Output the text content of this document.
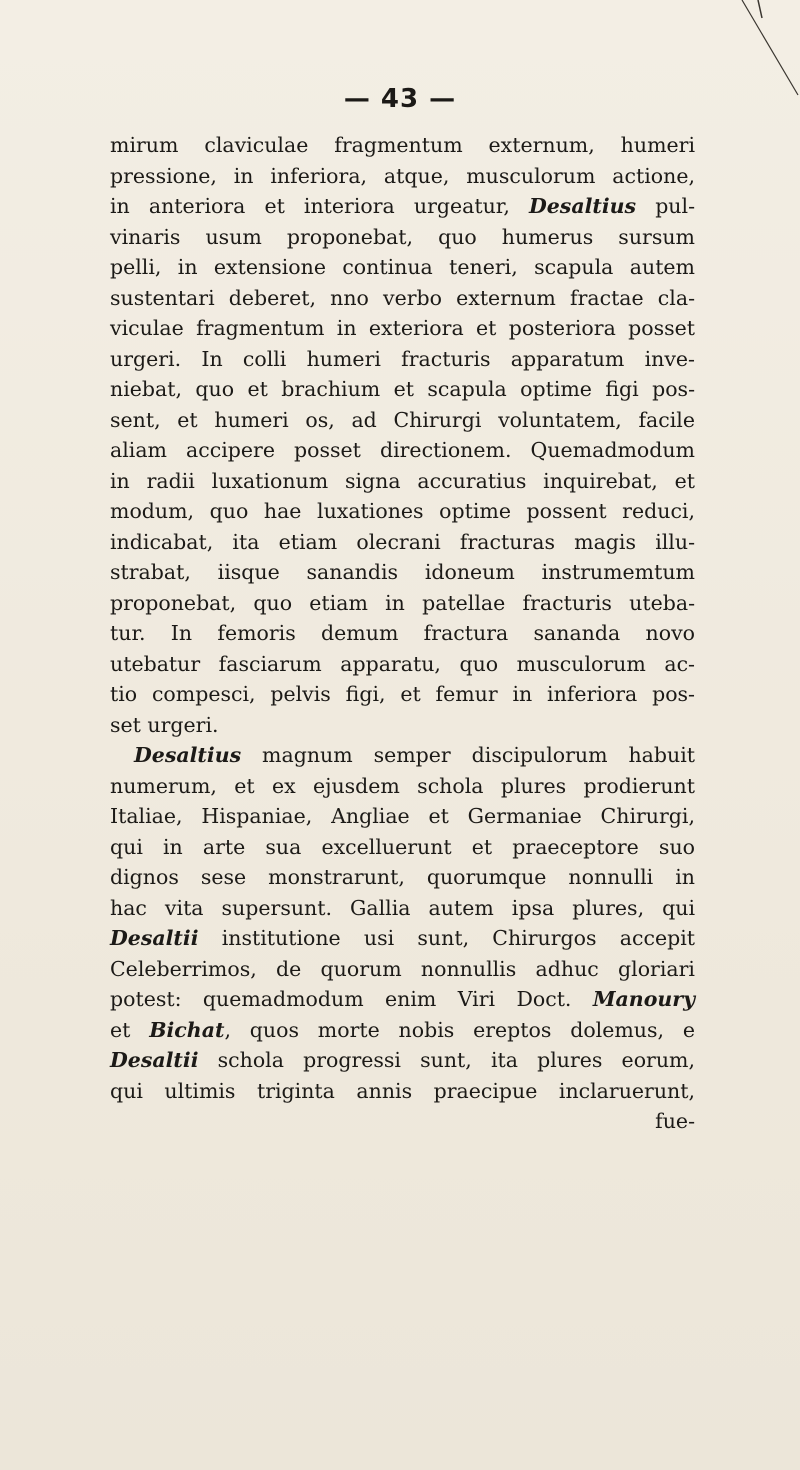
— 43 —
mirum claviculae fragmentum externum, humeri
pressione, in inferiora, atque, musculorum actione,
in anteriora et interiora urgeatur, Desaltius pul-
vinaris usum proponebat, quo humerus sursum
pelli, in extensione continua teneri, scapula autem
sustentari deberet, nno verbo externum fractae cla-
viculae fragmentum in exteriora et posteriora posset
urgeri. In colli humeri fracturis apparatum inve-
niebat, quo et brachium et scapula optime figi pos-
sent, et humeri os, ad Chirurgi voluntatem, facile
aliam accipere posset directionem. Quemadmodum
in radii luxationum signa accuratius inquirebat, et
modum, quo hae luxationes optime possent reduci,
indicabat, ita etiam olecrani fracturas magis illu-
strabat, iisque sanandis idoneum instrumemtum
proponebat, quo etiam in patellae fracturis uteba-
tur. In femoris demum fractura sananda novo
utebatur fasciarum apparatu, quo musculorum ac-
tio compesci, pelvis figi, et femur in inferiora pos-
set urgeri.
Desaltius magnum semper discipulorum habuit
numerum, et ex ejusdem schola plures prodierunt
Italiae, Hispaniae, Angliae et Germaniae Chirurgi,
qui in arte sua excelluerunt et praeceptore suo
dignos sese monstrarunt, quorumque nonnulli in
hac vita supersunt. Gallia autem ipsa plures, qui
Desaltii institutione usi sunt, Chirurgos accepit
Celeberrimos, de quorum nonnullis adhuc gloriari
potest: quemadmodum enim Viri Doct. Manoury
et Bichat, quos morte nobis ereptos dolemus, e
Desaltii schola progressi sunt, ita plures eorum,
qui ultimis triginta annis praecipue inclaruerunt,
fue-
